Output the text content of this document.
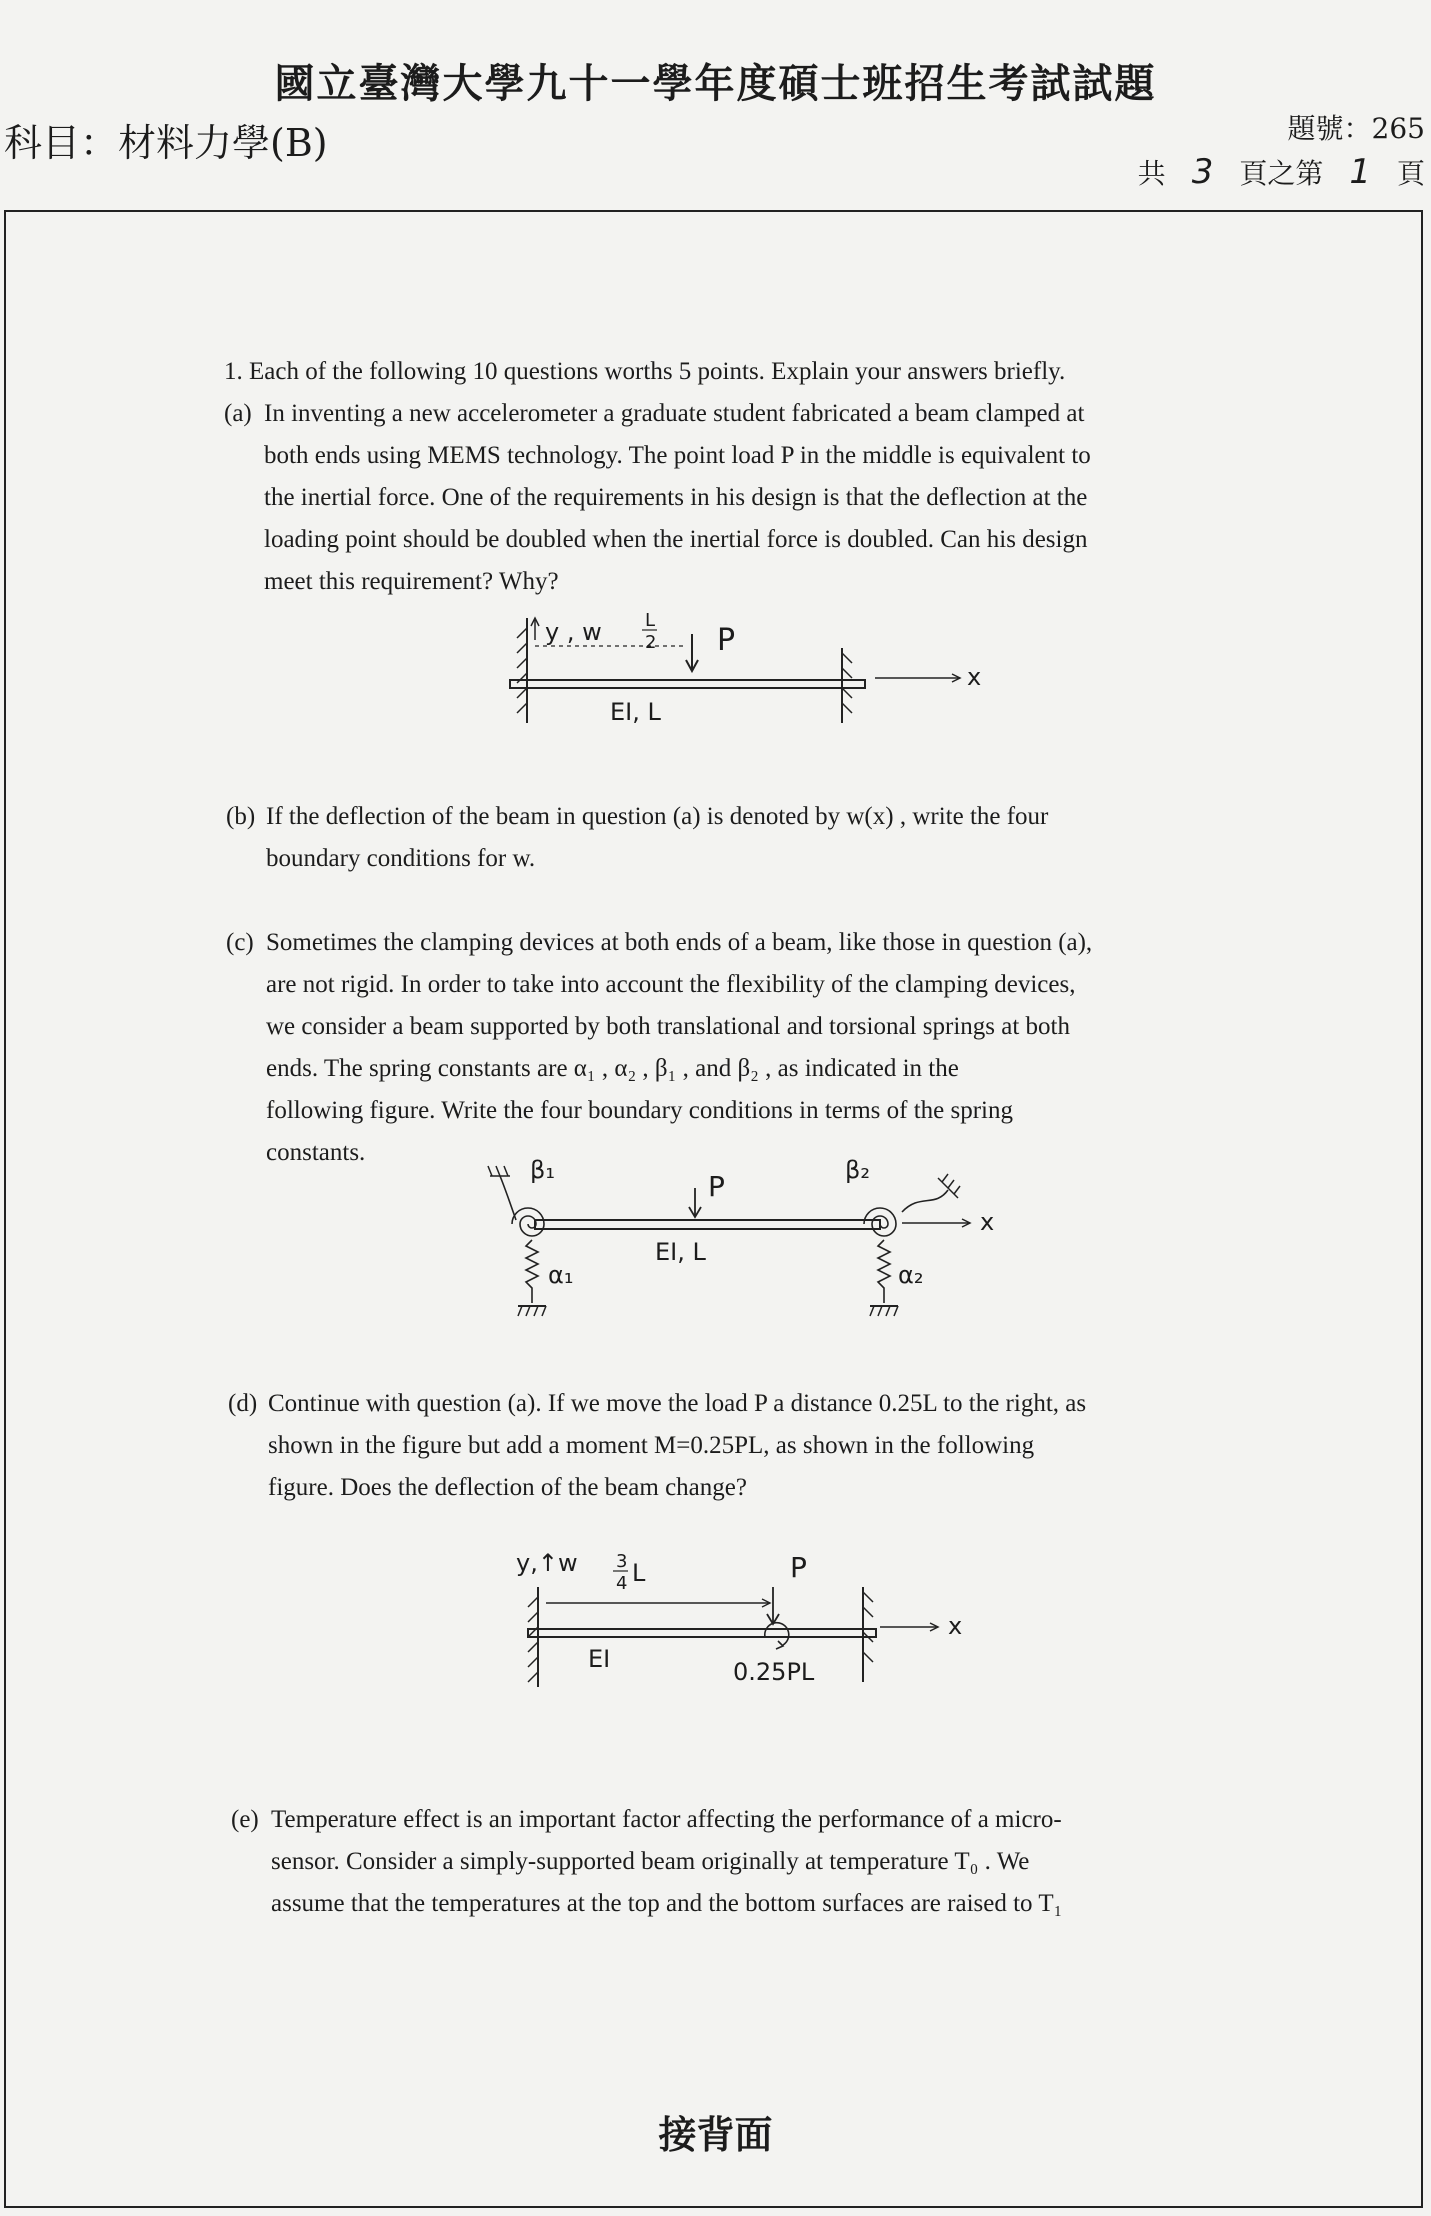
國立臺灣大學九十一學年度碩士班招生考試試題
科目：材料力學(B)	題號：265
共 3 頁之第 1 頁
1. Each of the following 10 questions worths 5 points. Explain your answers briefly.
(a) In inventing a new accelerometer a graduate student fabricated a beam clamped at
both ends using MEMS technology. The point load P in the middle is equivalent to
the inertial force. One of the requirements in his design is that the deflection at the
loading point should be doubled when the inertial force is doubled. Can his design
meet this requirement? Why?
y , w L
2 P
EI, L
x
(b) If the deflection of the beam in question (a) is denoted by w(x) , write the four
boundary conditions for w.
(c) Sometimes the clamping devices at both ends of a beam, like those in question (a),
are not rigid. In order to take into account the flexibility of the clamping devices,
we consider a beam supported by both translational and torsional springs at both
ends. The spring constants are α₁ , α₂ , β₁ , and β₂ , as indicated in the
following figure. Write the four boundary conditions in terms of the spring
constants.
β₁	β₂
α₁	α₂
P
EI, L
x
(d) Continue with question (a). If we move the load P a distance 0.25L to the right, as
shown in the figure but add a moment M=0.25PL, as shown in the following
figure. Does the deflection of the beam change?
y,↑w 3
4 L	P
EI	0.25PL
x
(e) Temperature effect is an important factor affecting the performance of a micro-
sensor. Consider a simply-supported beam originally at temperature T₀ . We
assume that the temperatures at the top and the bottom surfaces are raised to T₁
接背面
